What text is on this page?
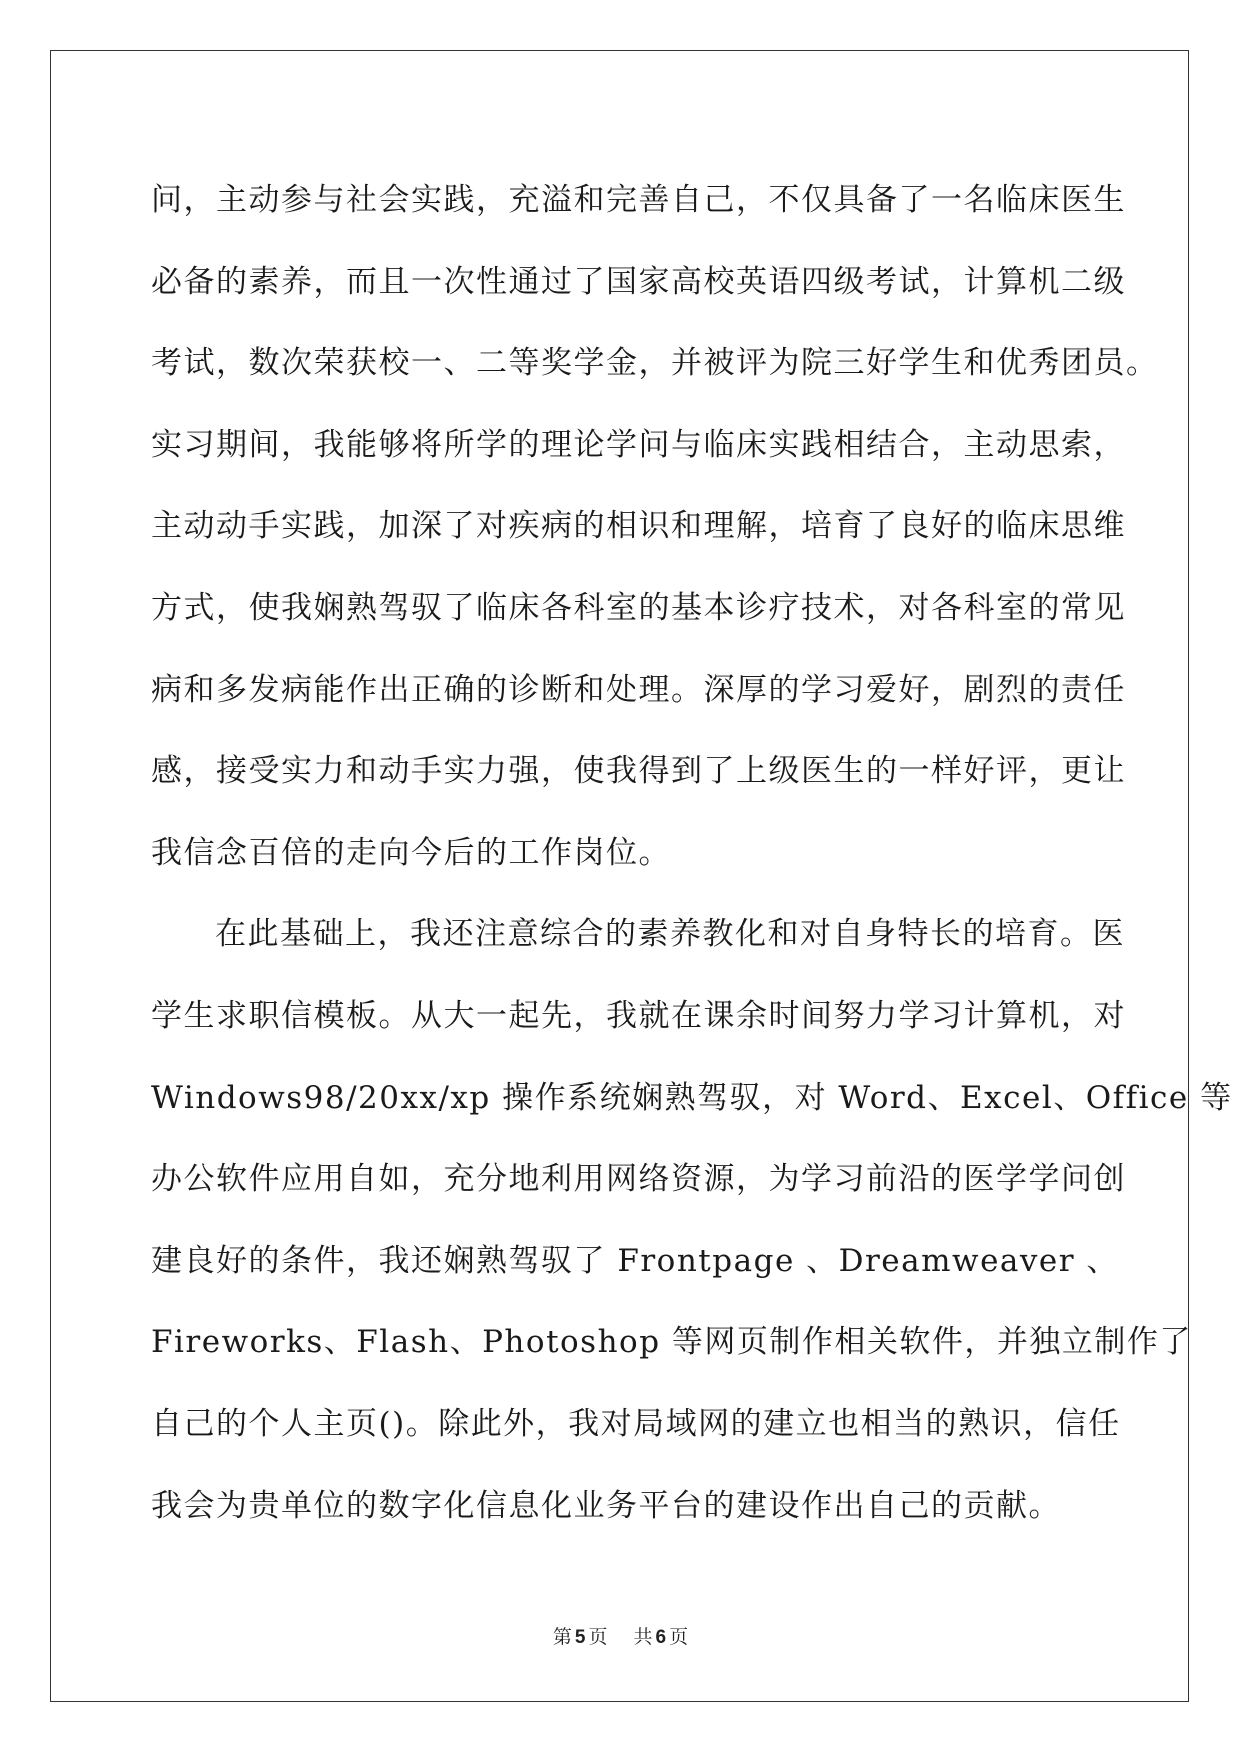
问，主动参与社会实践，充溢和完善自己，不仅具备了一名临床医生
必备的素养，而且一次性通过了国家高校英语四级考试，计算机二级
考试，数次荣获校一、二等奖学金，并被评为院三好学生和优秀团员。
实习期间，我能够将所学的理论学问与临床实践相结合，主动思索，
主动动手实践，加深了对疾病的相识和理解，培育了良好的临床思维
方式，使我娴熟驾驭了临床各科室的基本诊疗技术，对各科室的常见
病和多发病能作出正确的诊断和处理。深厚的学习爱好，剧烈的责任
感，接受实力和动手实力强，使我得到了上级医生的一样好评，更让
我信念百倍的走向今后的工作岗位。
在此基础上，我还注意综合的素养教化和对自身特长的培育。医
学生求职信模板。从大一起先，我就在课余时间努力学习计算机，对
Windows98/20xx/xp 操作系统娴熟驾驭，对 Word、Excel、Office 等
办公软件应用自如，充分地利用网络资源，为学习前沿的医学学问创
建良好的条件，我还娴熟驾驭了 Frontpage 、Dreamweaver 、
Fireworks、Flash、Photoshop 等网页制作相关软件，并独立制作了
自己的个人主页()。除此外，我对局域网的建立也相当的熟识，信任
我会为贵单位的数字化信息化业务平台的建设作出自己的贡献。
第 5 页 共 6 页
